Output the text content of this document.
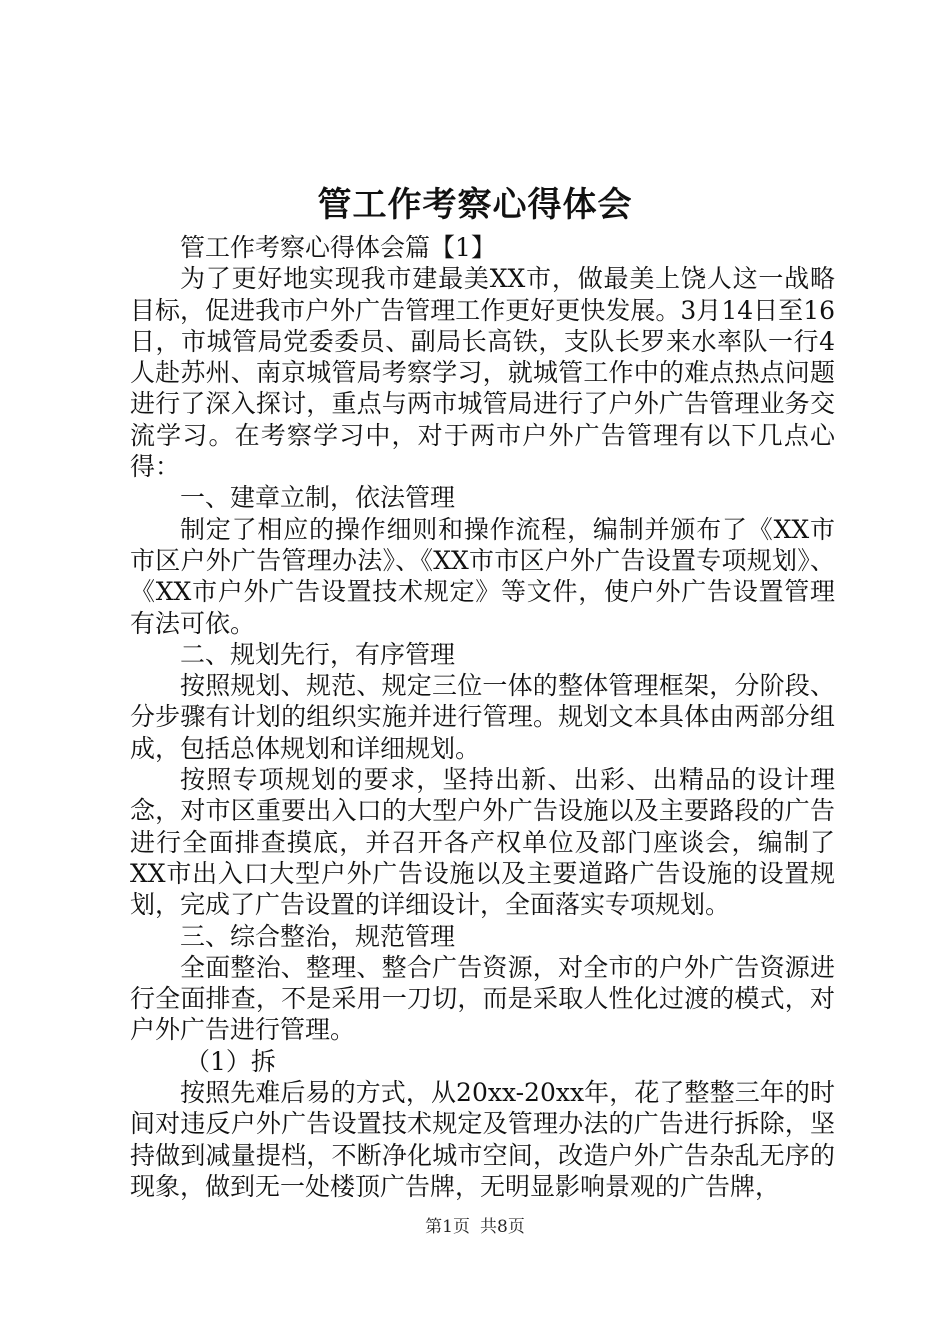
管工作考察心得体会

管工作考察心得体会篇【1】

为了更好地实现我市建最美XX市，做最美上饶人这一战略目标，促进我市户外广告管理工作更好更快发展。3月14日至16日，市城管局党委委员、副局长高铁，支队长罗来水率队一行4人赴苏州、南京城管局考察学习，就城管工作中的难点热点问题进行了深入探讨，重点与两市城管局进行了户外广告管理业务交流学习。在考察学习中，对于两市户外广告管理有以下几点心得：

一、建章立制，依法管理

制定了相应的操作细则和操作流程，编制并颁布了《XX市市区户外广告管理办法》、《XX市市区户外广告设置专项规划》、《XX市户外广告设置技术规定》等文件，使户外广告设置管理有法可依。

二、规划先行，有序管理

按照规划、规范、规定三位一体的整体管理框架，分阶段、分步骤有计划的组织实施并进行管理。规划文本具体由两部分组成，包括总体规划和详细规划。

按照专项规划的要求，坚持出新、出彩、出精品的设计理念，对市区重要出入口的大型户外广告设施以及主要路段的广告进行全面排查摸底，并召开各产权单位及部门座谈会，编制了XX市出入口大型户外广告设施以及主要道路广告设施的设置规划，完成了广告设置的详细设计，全面落实专项规划。

三、综合整治，规范管理

全面整治、整理、整合广告资源，对全市的户外广告资源进行全面排查，不是采用一刀切，而是采取人性化过渡的模式，对户外广告进行管理。

（1）拆

按照先难后易的方式，从20xx-20xx年，花了整整三年的时间对违反户外广告设置技术规定及管理办法的广告进行拆除，坚持做到减量提档，不断净化城市空间，改造户外广告杂乱无序的现象，做到无一处楼顶广告牌，无明显影响景观的广告牌，

第1页 共8页
